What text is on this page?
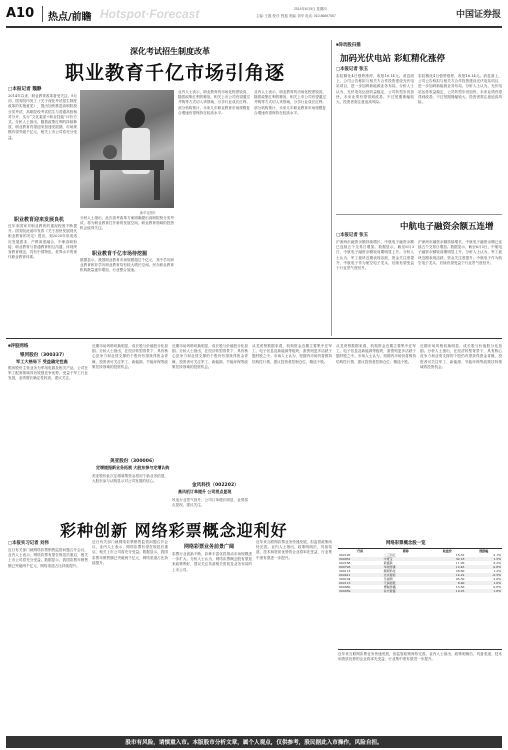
A10 热点/前瞻 Hotspot·Forecast	2014年6月5日 星期四
主编: 王磊 校对: 程振 美编: 刘华 电话: 010-86697557	中国证券报
深化考试招生制度改革
职业教育千亿市场引角逐
□本报记者 魏静
2014年以来，职业教育改革备受关注。9月初，国务院印发了《关于深化考试招生制度改革的实施意见》，提出加快推进高职院校分类考试，高职院校考试招生与普通高校相对分开，实行“文化素质+职业技能”评价方式。分析人士指出，随着政策红利的持续释放，职业教育有望迎来加速发展期，市场规模有望突破千亿元，相关上市公司将充分受益。
职业教育迎来发展良机
近年来国家对职业教育的重视程度不断提升。国务院此前印发的《关于加快发展现代职业教育的决定》提出，到2020年形成适应发展需求、产教深度融合、中职高职衔接、职业教育与普通教育相互沟通，体现终身教育理念，具有中国特色、世界水平的现代职业教育体系。
新华社图片
分析人士指出，此次高考改革方案明确提出高职院校分类考试，将为职业教育打开新的发展空间，职业教育领域的投资机会值得关注。
职业教育千亿市场待挖掘
数据显示，我国职业教育市场规模超过千亿元，其中学历职业教育和非学历职业教育均有较大增长空间。民办职业教育机构数量逐年增加，行业整合加速。
业内人士表示，职业教育的市场化程度较高，随着政策红利的释放，相关上市公司有望通过并购等方式切入该领域，分享行业成长红利。部分机构预计，未来几年职业教育市场规模复合增速有望保持在较高水平。
业内人士表示，职业教育的市场化程度较高，随着政策红利的释放，相关上市公司有望通过并购等方式切入该领域，分享行业成长红利。部分机构预计，未来几年职业教育市场规模复合增速有望保持在较高水平。
■异动股扫描
加码光伏电站 彩虹精化涨停
□本报记者 张玉
彩虹精化4日强势涨停，收报16.14元。消息面上，公司公告称拟与相关方合作投资建设光伏电站项目，进一步加码新能源业务布局。分析人士认为，光伏电站运营收益稳定，公司转型步伐加快，未来业绩有望得到改善。不过短期涨幅较大，投资者需注意追高风险。
彩虹精化4日强势涨停，收报16.14元。消息面上，公司公告称拟与相关方合作投资建设光伏电站项目，进一步加码新能源业务布局。分析人士认为，光伏电站运营收益稳定，公司转型步伐加快，未来业绩有望得到改善。不过短期涨幅较大，投资者需注意追高风险。
中航电子融资余额五连增
□本报记者 张玉
沪深两市融资余额持续增长，中航电子融资余额已连续五个交易日增加。数据显示，截至6月3日，中航电子融资余额较前期明显上升。分析人士认为，军工板块近期表现活跃，资金关注度提升，中航电子作为航空电子龙头，后续有望受益于行业景气度回升。
沪深两市融资余额持续增长，中航电子融资余额已连续五个交易日增加。数据显示，截至6月3日，中航电子融资余额较前期明显上升。分析人士认为，军工板块近期表现活跃，资金关注度提升，中航电子作为航空电子龙头，后续有望受益于行业景气度回升。
■评股网络
银河股份（300337）
军工大格局下 受益确定性高
银河股份主营业务为军用电源及相关产品，公司在军工配套领域具有较强竞争优势，受益于军工行业发展，业绩增长确定性较高，建议关注。
近期市场风格切换明显，成长股与价值股分化加剧。分析人士指出，在经济转型背景下，具有核心竞争力和业绩支撑的个股仍有望获得资金青睐，投资者可关注军工、新能源、节能环保等政策扶持领域的投资机会。
美亚股份（300006）
定增提振新业务拓展 大股东参与定增认购
美亚股份此次定增募集资金将用于新业务拓展，大股东参与认购显示对公司发展的信心。
近期市场风格切换明显，成长股与价值股分化加剧。分析人士指出，在经济转型背景下，具有核心竞争力和业绩支撑的个股仍有望获得资金青睐，投资者可关注军工、新能源、节能环保等政策扶持领域的投资机会。
金风科技（002202）
高风机订单提升 公司拐点显现
风电行业景气回升，公司订单增长明显，业绩拐点显现，建议关注。
从龙虎榜数据来看，机构资金近期主要集中在军工、电子信息及新能源等板块，游资则更多活跃于题材股之中。市场人士认为，短期内市场仍将维持结构性行情，建议投资者控制仓位，精选个股。
从龙虎榜数据来看，机构资金近期主要集中在军工、电子信息及新能源等板块，游资则更多活跃于题材股之中。市场人士认为，短期内市场仍将维持结构性行情，建议投资者控制仓位，精选个股。
近期市场风格切换明显，成长股与价值股分化加剧。分析人士指出，在经济转型背景下，具有核心竞争力和业绩支撑的个股仍有望获得资金青睐，投资者可关注军工、新能源、节能环保等政策扶持领域的投资机会。
彩种创新 网络彩票概念迎利好
□本报实习记者 刘伟
近日有关部门就网络彩票销售监管问题召开会议，业内人士表示，网络彩票有望在规范后重启，相关上市公司将充分受益。数据显示，我国彩票年销售额已突破两千亿元，网络渠道占比持续提升。
近日有关部门就网络彩票销售监管问题召开会议，业内人士表示，网络彩票有望在规范后重启，相关上市公司将充分受益。数据显示，我国彩票年销售额已突破两千亿元，网络渠道占比持续提升。
网络彩票业务前景广阔
彩票行业创新不断，彩种丰富化将推动市场规模进一步扩大。分析人士认为，网络彩票概念股有望迎来政策利好，建议关注具备相关资质及业务布局的上市公司。
近年来互联网彩票业务快速发展，但监管政策尚待完善。业内人士指出，政策明朗后，具备渠道、技术和资质优势的企业将率先受益，行业集中度有望进一步提升。
网络彩票概念股一览
代码	简称	收盘价	涨跌幅
002195	二三四五	15.32	2.1%
300052	中青宝	32.18	1.5%
002188	新嘉联	11.06	3.2%
000793	华闻传媒	12.45	0.8%
300113	顺网科技	28.60	1.2%
002421	达实智能	14.22	-0.5%
300104	乐视网	45.30	2.6%
002113	天润控股	8.90	1.0%
600880	博瑞传播	13.56	0.6%
300059	东方财富	10.25	1.8%
近年来互联网彩票业务快速发展，但监管政策尚待完善。业内人士指出，政策明朗后，具备渠道、技术和资质优势的企业将率先受益，行业集中度有望进一步提升。
股市有风险，请慎重入市。本版股市分析文章，属个人观点，仅供参考，股民据此入市操作，风险自担。
